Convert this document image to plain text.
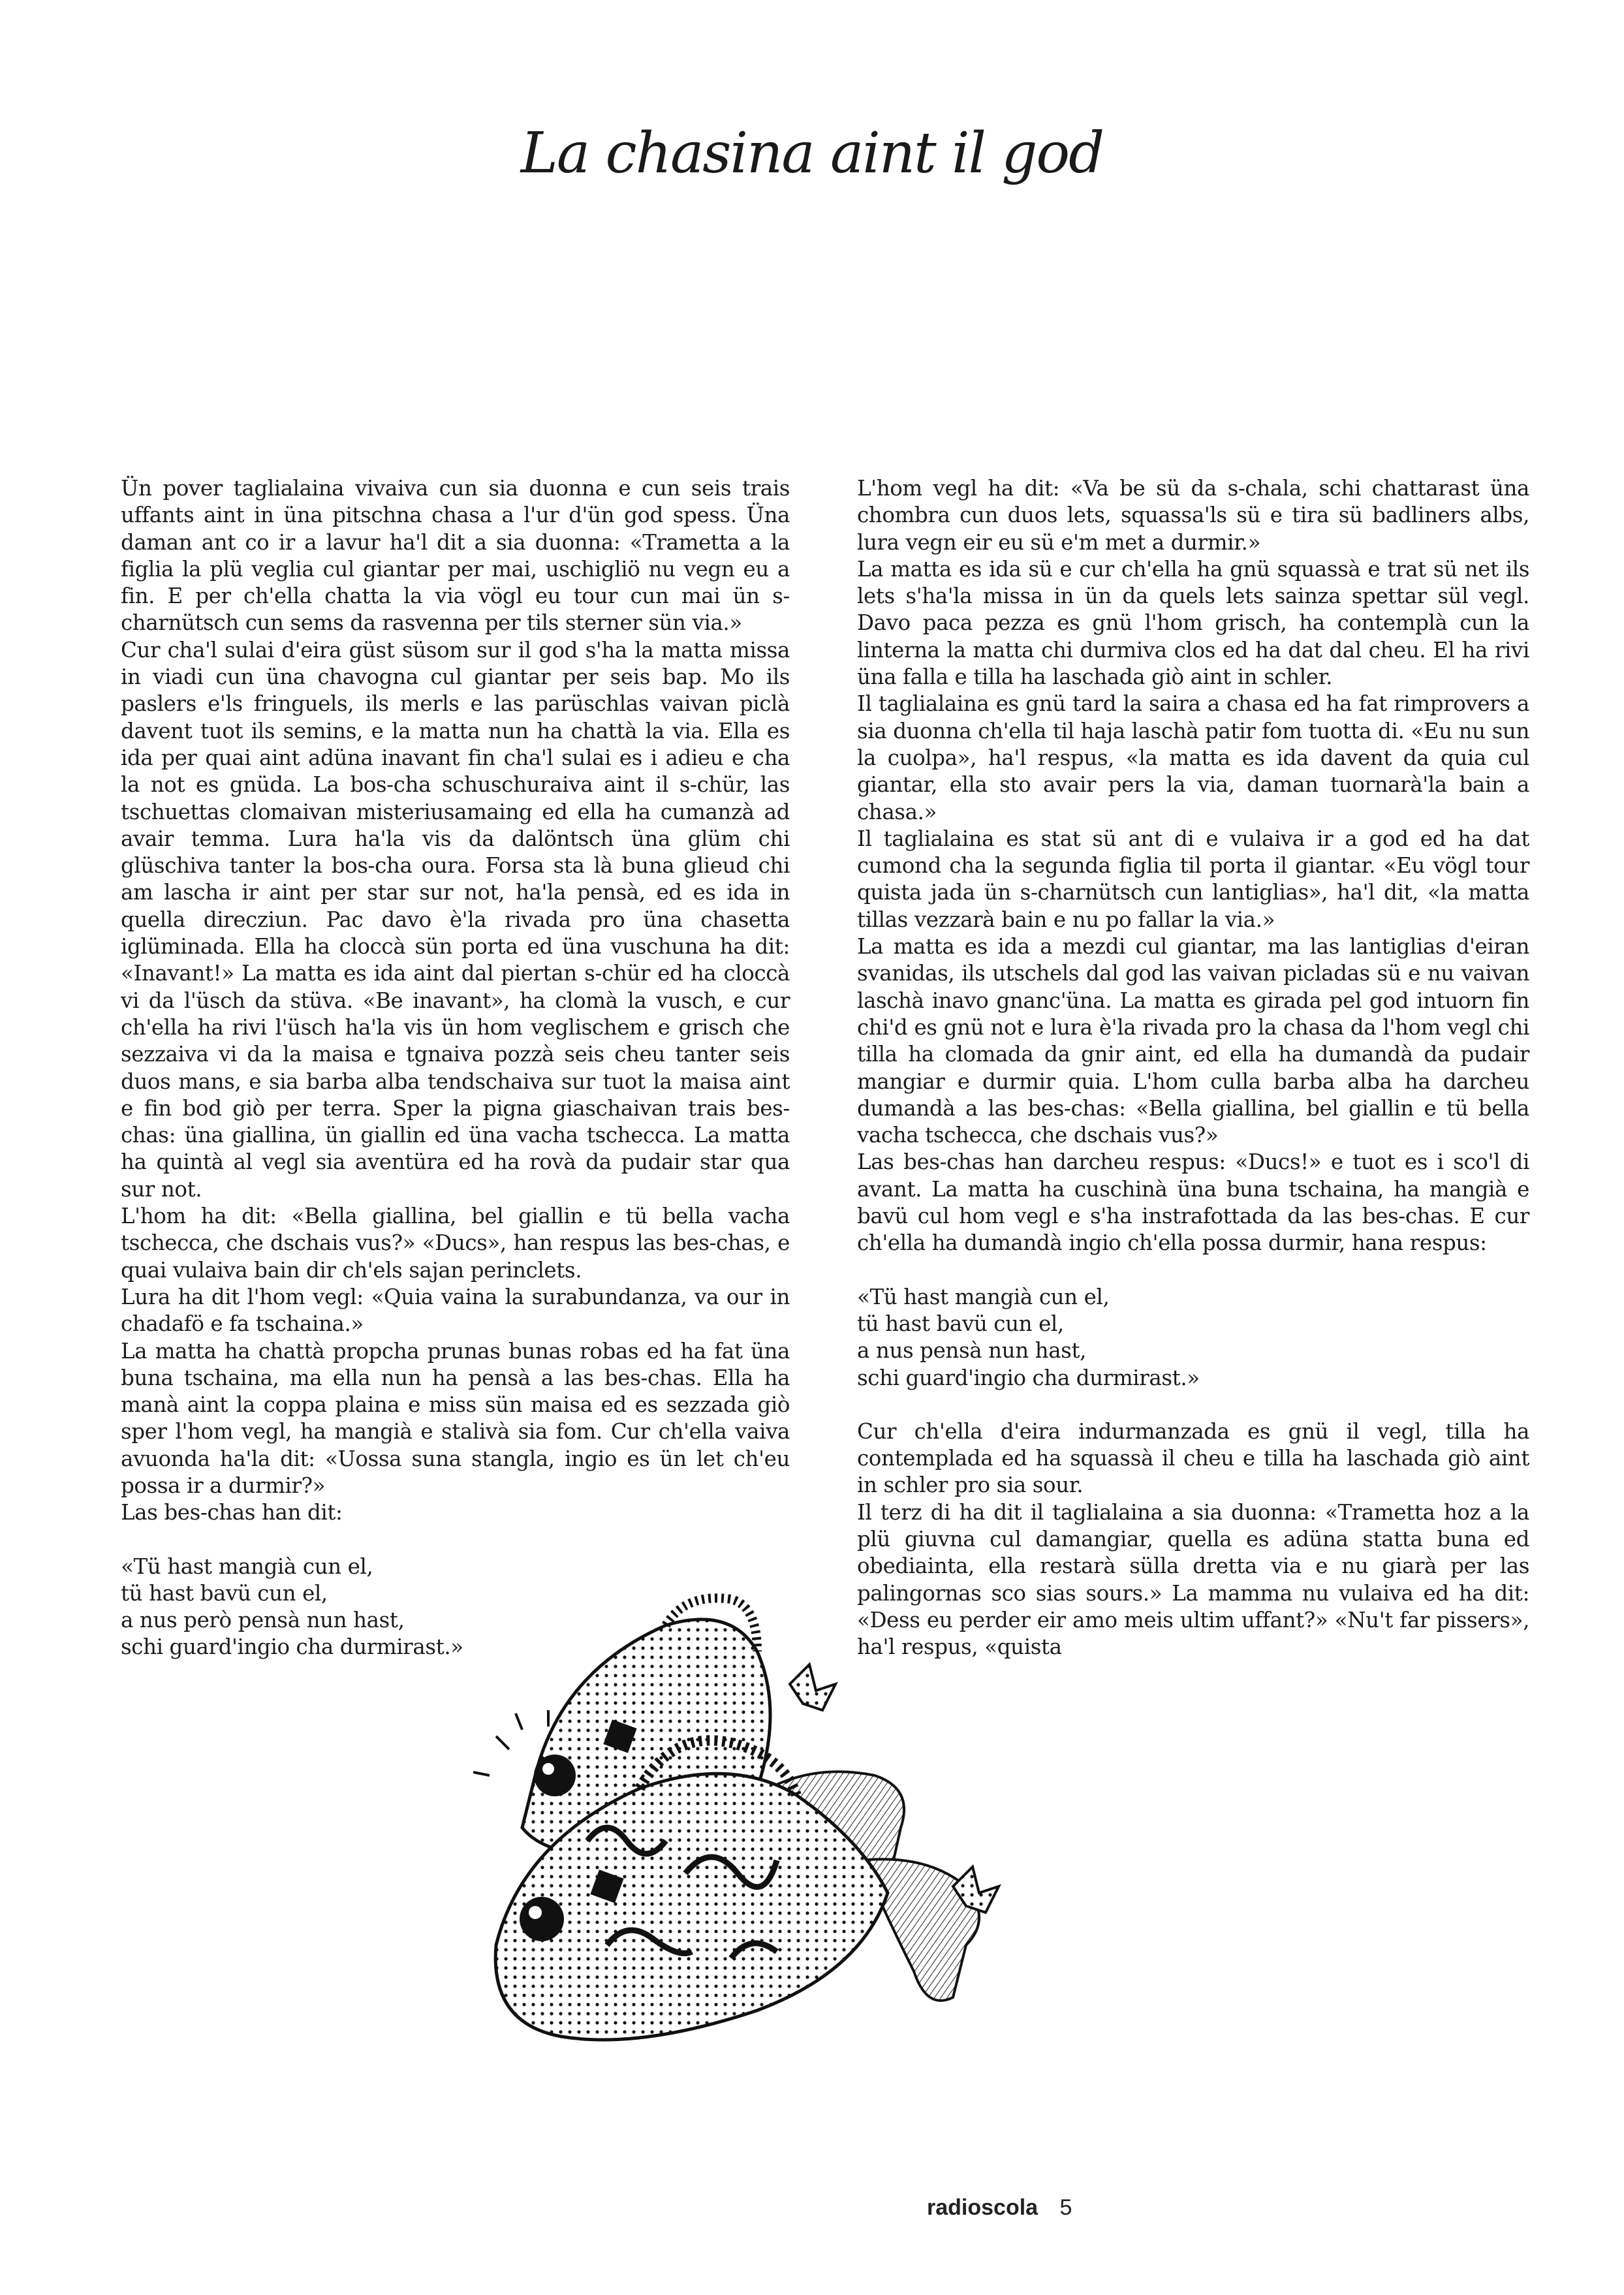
La chasina aint il god

Ün pover taglialaina vivaiva cun sia duonna e cun seis trais uffants aint in üna pitschna chasa a l'ur d'ün god spess. Üna daman ant co ir a lavur ha'l dit a sia duonna: «Trametta a la figlia la plü veglia cul giantar per mai, uschigliö nu vegn eu a fin. E per ch'ella chatta la via vögl eu tour cun mai ün s-charnütsch cun sems da rasvenna per tils sterner sün via.»

Cur cha'l sulai d'eira güst süsom sur il god s'ha la matta missa in viadi cun üna chavogna cul giantar per seis bap. Mo ils paslers e'ls fringuels, ils merls e las parüschlas vaivan piclà davent tuot ils semins, e la matta nun ha chattà la via. Ella es ida per quai aint adüna inavant fin cha'l sulai es i adieu e cha la not es gnüda. La bos-cha schuschuraiva aint il s-chür, las tschuettas clomaivan misteriusamaing ed ella ha cumanzà ad avair temma. Lura ha'la vis da dalöntsch üna glüm chi glüschiva tanter la bos-cha oura. Forsa sta là buna glieud chi am lascha ir aint per star sur not, ha'la pensà, ed es ida in quella direcziun. Pac davo è'la rivada pro üna chasetta iglüminada. Ella ha cloccà sün porta ed üna vuschuna ha dit: «Inavant!» La matta es ida aint dal piertan s-chür ed ha cloccà vi da l'üsch da stüva. «Be inavant», ha clomà la vusch, e cur ch'ella ha rivi l'üsch ha'la vis ün hom veglischem e grisch che sezzaiva vi da la maisa e tgnaiva pozzà seis cheu tanter seis duos mans, e sia barba alba tendschaiva sur tuot la maisa aint e fin bod giò per terra. Sper la pigna giaschaivan trais bes-chas: üna giallina, ün giallin ed üna vacha tschecca. La matta ha quintà al vegl sia aventüra ed ha rovà da pudair star qua sur not.

L'hom ha dit: «Bella giallina, bel giallin e tü bella vacha tschecca, che dschais vus?» «Ducs», han respus las bes-chas, e quai vulaiva bain dir ch'els sajan perinclets.

Lura ha dit l'hom vegl: «Quia vaina la surabundanza, va our in chadafö e fa tschaina.»

La matta ha chattà propcha prunas bunas robas ed ha fat üna buna tschaina, ma ella nun ha pensà a las bes-chas. Ella ha manà aint la coppa plaina e miss sün maisa ed es sezzada giò sper l'hom vegl, ha mangià e stalivà sia fom. Cur ch'ella vaiva avuonda ha'la dit: «Uossa suna stangla, ingio es ün let ch'eu possa ir a durmir?»

Las bes-chas han dit:

«Tü hast mangià cun el,

tü hast bavü cun el,

a nus però pensà nun hast,

schi guard'ingio cha durmirast.»

L'hom vegl ha dit: «Va be sü da s-chala, schi chattarast üna chombra cun duos lets, squassa'ls sü e tira sü badliners albs, lura vegn eir eu sü e'm met a durmir.»

La matta es ida sü e cur ch'ella ha gnü squassà e trat sü net ils lets s'ha'la missa in ün da quels lets sainza spettar sül vegl. Davo paca pezza es gnü l'hom grisch, ha contemplà cun la linterna la matta chi durmiva clos ed ha dat dal cheu. El ha rivi üna falla e tilla ha laschada giò aint in schler.

Il taglialaina es gnü tard la saira a chasa ed ha fat rimprovers a sia duonna ch'ella til haja laschà patir fom tuotta di. «Eu nu sun la cuolpa», ha'l respus, «la matta es ida davent da quia cul giantar, ella sto avair pers la via, daman tuornarà'la bain a chasa.»

Il taglialaina es stat sü ant di e vulaiva ir a god ed ha dat cumond cha la segunda figlia til porta il giantar. «Eu vögl tour quista jada ün s-charnütsch cun lantiglias», ha'l dit, «la matta tillas vezzarà bain e nu po fallar la via.»

La matta es ida a mezdi cul giantar, ma las lantiglias d'eiran svanidas, ils utschels dal god las vaivan picladas sü e nu vaivan laschà inavo gnanc'üna. La matta es girada pel god intuorn fin chi'd es gnü not e lura è'la rivada pro la chasa da l'hom vegl chi tilla ha clomada da gnir aint, ed ella ha dumandà da pudair mangiar e durmir quia. L'hom culla barba alba ha darcheu dumandà a las bes-chas: «Bella giallina, bel giallin e tü bella vacha tschecca, che dschais vus?»

Las bes-chas han darcheu respus: «Ducs!» e tuot es i sco'l di avant. La matta ha cuschinà üna buna tschaina, ha mangià e bavü cul hom vegl e s'ha instrafottada da las bes-chas. E cur ch'ella ha dumandà ingio ch'ella possa durmir, hana respus:

«Tü hast mangià cun el,

tü hast bavü cun el,

a nus pensà nun hast,

schi guard'ingio cha durmirast.»

Cur ch'ella d'eira indurmanzada es gnü il vegl, tilla ha contemplada ed ha squassà il cheu e tilla ha laschada giò aint in schler pro sia sour.

Il terz di ha dit il taglialaina a sia duonna: «Trametta hoz a la plü giuvna cul damangiar, quella es adüna statta buna ed obediainta, ella restarà sülla dretta via e nu giarà per las palingornas sco sias sours.» La mamma nu vulaiva ed ha dit: «Dess eu perder eir amo meis ultim uffant?» «Nu't far pissers», ha'l respus, «quista

radioscola 5
